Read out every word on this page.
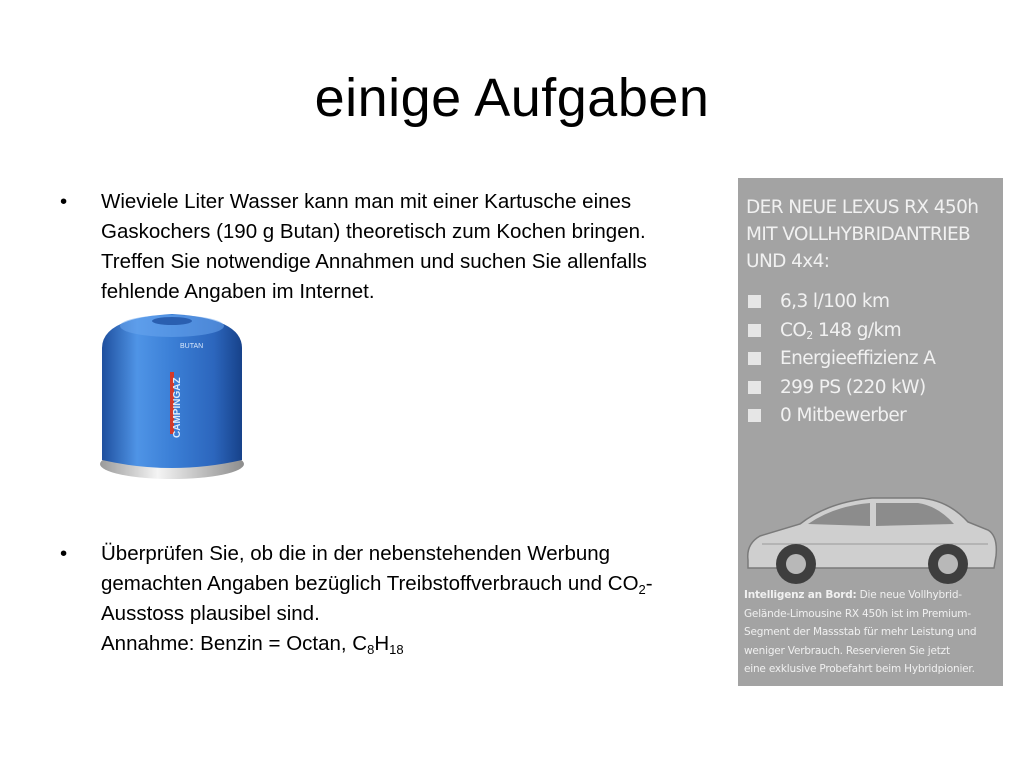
einige Aufgaben
• Wieviele Liter Wasser kann man mit einer Kartusche eines Gaskochers (190 g Butan) theoretisch zum Kochen bringen. Treffen Sie notwendige Annahmen und suchen Sie allenfalls fehlende Angaben im Internet.
CAMPINGAZ
BUTAN
• Überprüfen Sie, ob die in der nebenstehenden Werbung gemachten Angaben bezüglich Treibstoffverbrauch und $CO_2$-Ausstoss plausibel sind.
Annahme: Benzin = Octan, $C_8H_{18}$
DER NEUE LEXUS RX 450h
MIT VOLLHYBRIDANTRIEB
UND 4x4:
6,3 l/100 km
$CO_2$ 148 g/km
Energieeffizienz A
299 PS (220 kW)
0 Mitbewerber
Intelligenz an Bord: Die neue Vollhybrid-
Gelände-Limousine RX 450h ist im Premium-
Segment der Massstab für mehr Leistung und
weniger Verbrauch. Reservieren Sie jetzt
eine exklusive Probefahrt beim Hybridpionier.
